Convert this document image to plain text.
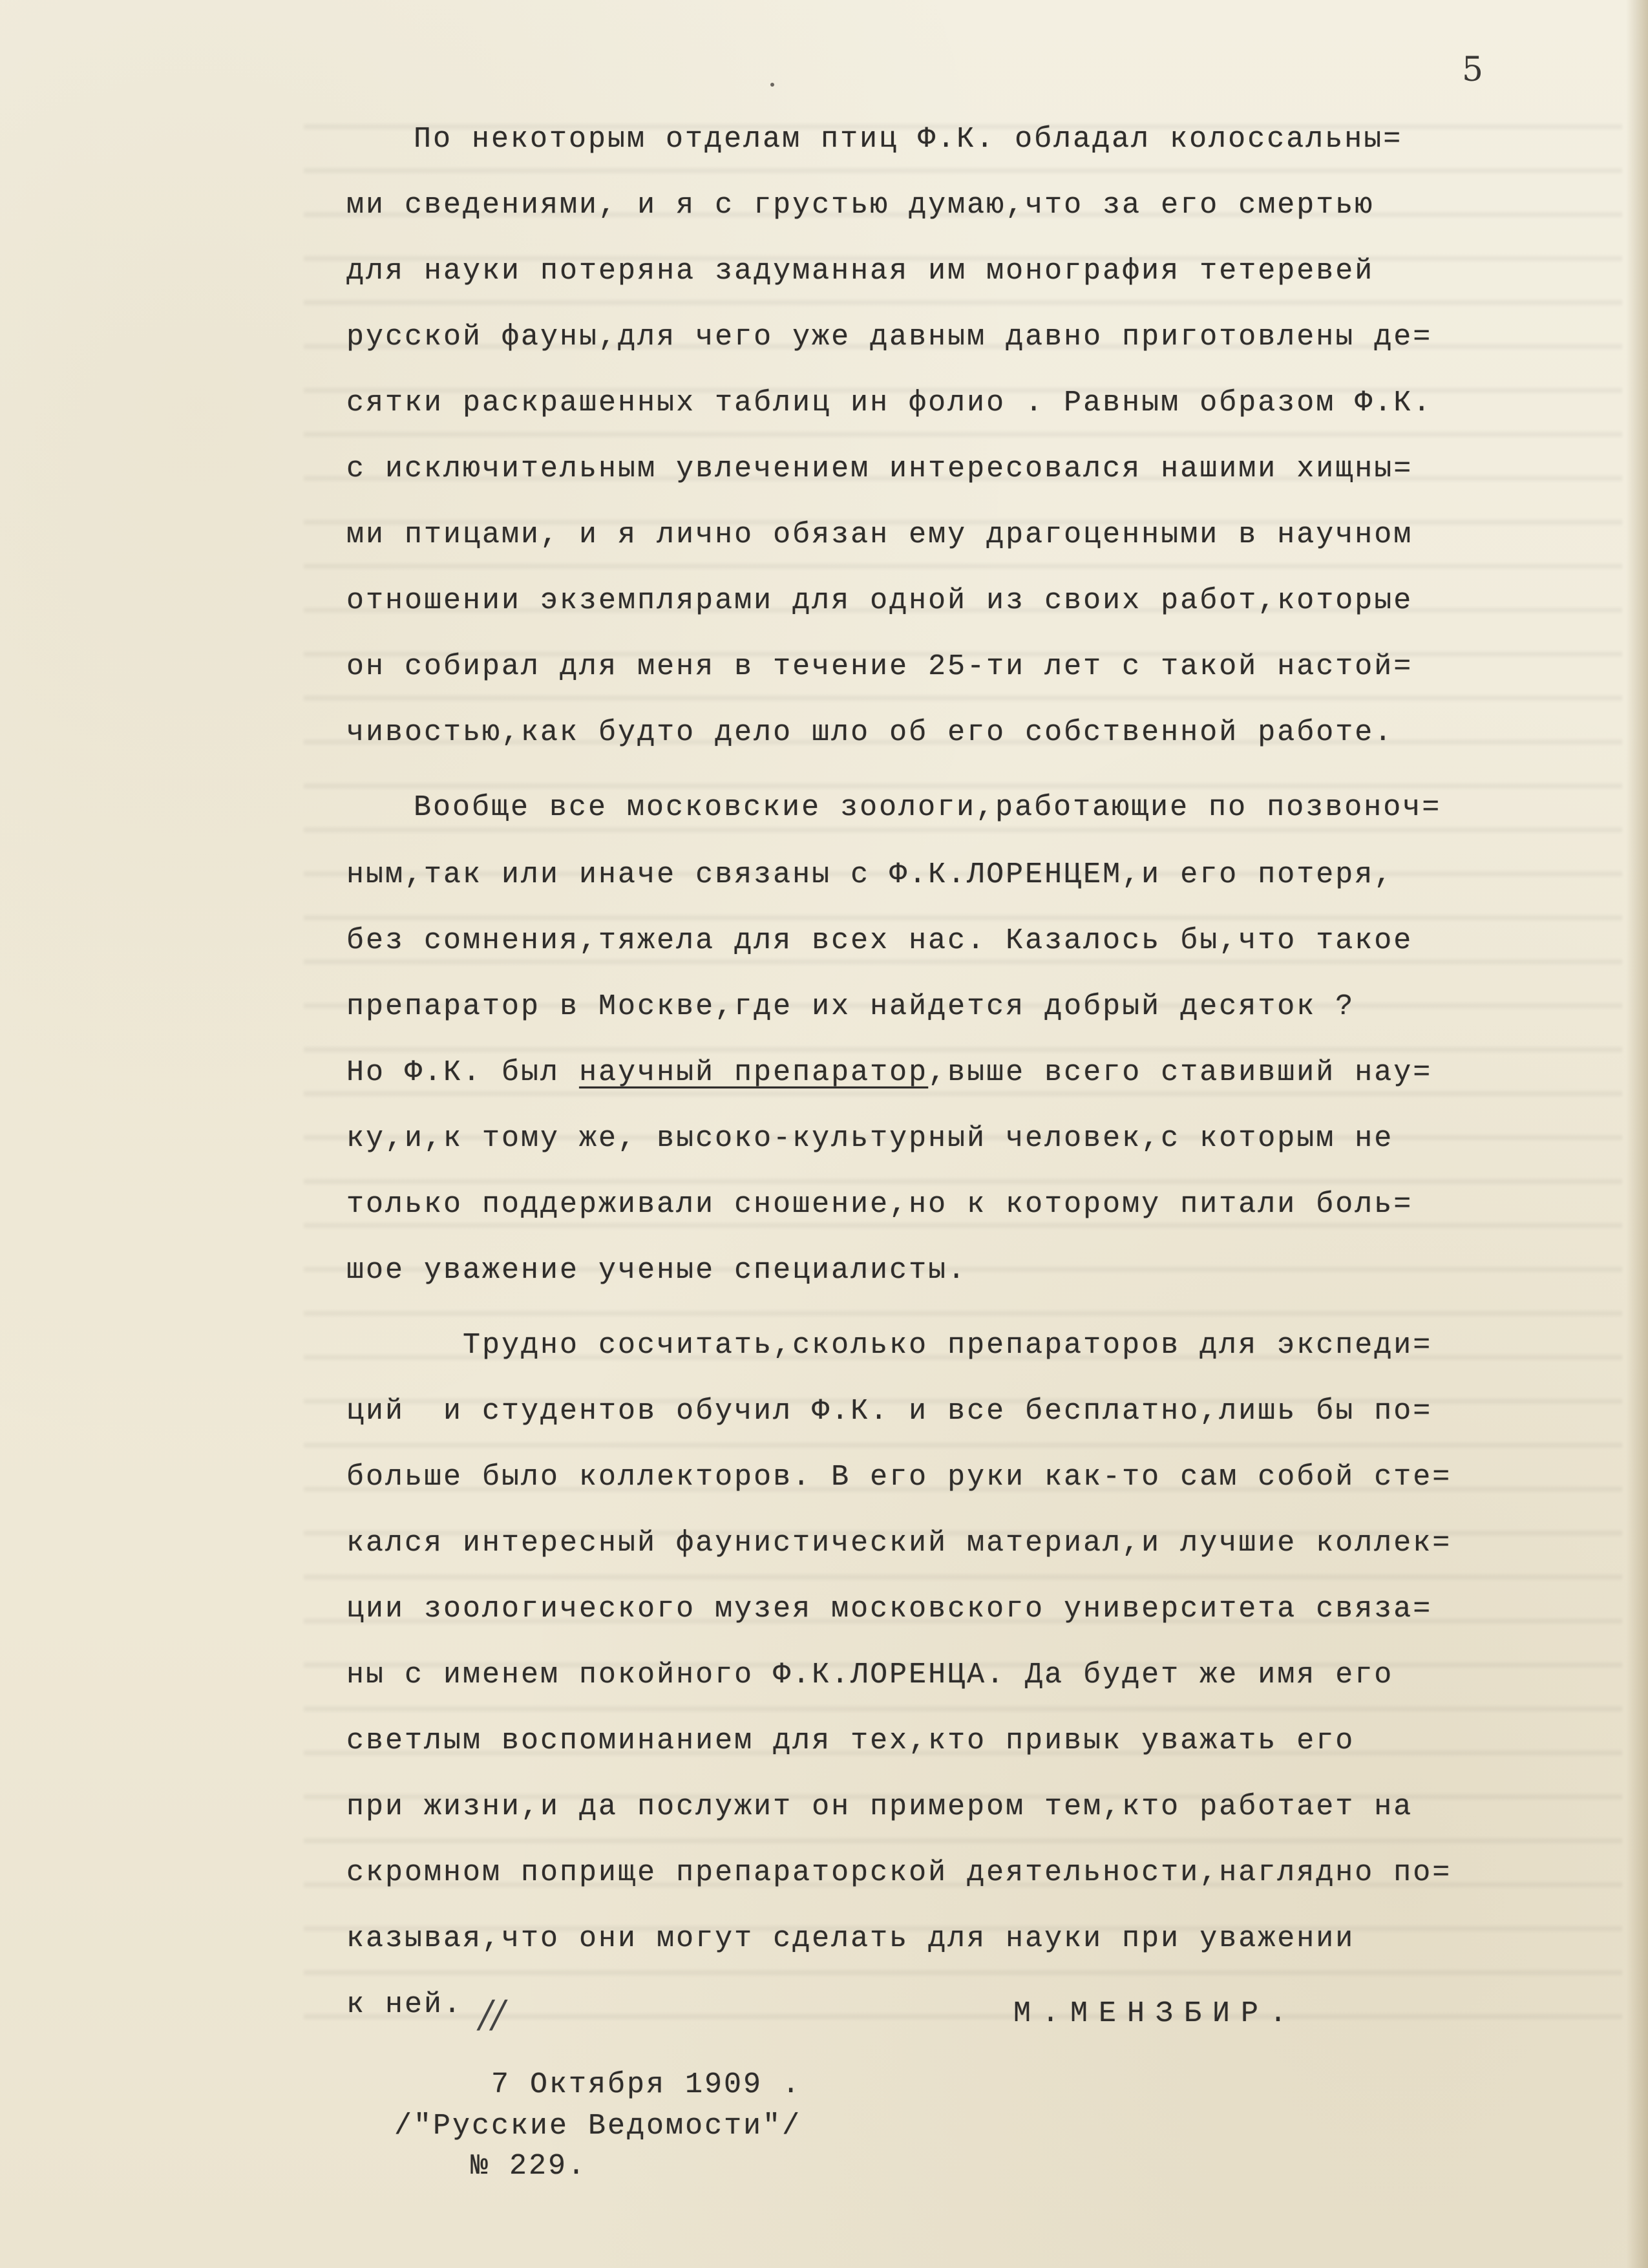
5
По некоторым отделам птиц Ф.К. обладал колоссальны=
ми сведениями, и я с грустью думаю,что за его смертью
для науки потеряна задуманная им монография тетеревей
русской фауны,для чего уже давным давно приготовлены де=
сятки раскрашенных таблиц ин фолио . Равным образом Ф.К.
с исключительным увлечением интересовался нашими хищны=
ми птицами, и я лично обязан ему драгоценными в научном
отношении экземплярами для одной из своих работ,которые
он собирал для меня в течение 25-ти лет с такой настой=
чивостью,как будто дело шло об его собственной работе.
Вообще все московские зоологи,работающие по позвоноч=
ным,так или иначе связаны с Ф.К.ЛОРЕНЦЕМ,и его потеря,
без сомнения,тяжела для всех нас. Казалось бы,что такое
препаратор в Москве,где их найдется добрый десяток ?
Но Ф.К. был научный препаратор,выше всего ставивший нау=
ку,и,к тому же, высоко-культурный человек,с которым не
только поддерживали сношение,но к которому питали боль=
шое уважение ученые специалисты.
Трудно сосчитать,сколько препараторов для экспеди=
ций  и студентов обучил Ф.К. и все бесплатно,лишь бы по=
больше было коллекторов. В его руки как-то сам собой сте=
кался интересный фаунистический материал,и лучшие коллек=
ции зоологического музея московского университета связа=
ны с именем покойного Ф.К.ЛОРЕНЦА. Да будет же имя его
светлым воспоминанием для тех,кто привык уважать его
при жизни,и да послужит он примером тем,кто работает на
скромном поприще препараторской деятельности,наглядно по=
казывая,что они могут сделать для науки при уважении
к ней. //	М.МЕНЗБИР.
7 Октября 1909 .
/"Русские Ведомости"/
№ 229.
